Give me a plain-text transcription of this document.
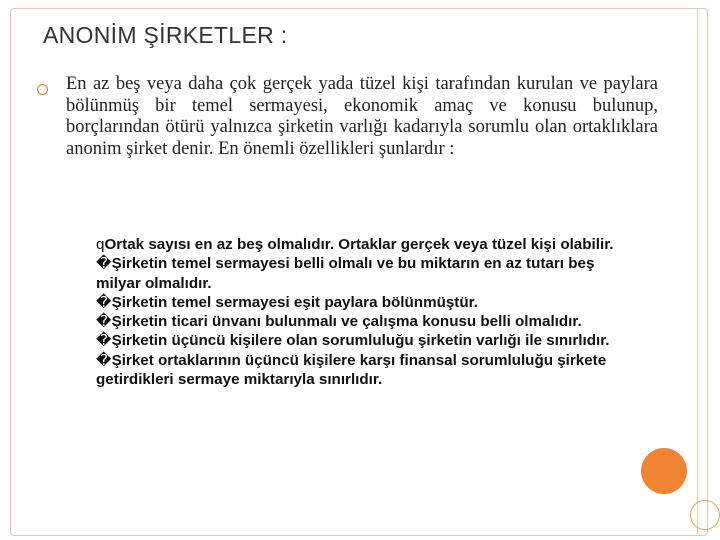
ANONİM ŞİRKETLER :

En az beş veya daha çok gerçek yada tüzel kişi tarafından kurulan ve paylara bölünmüş bir temel sermayesi, ekonomik amaç ve konusu bulunup, borçlarından ötürü yalnızca şirketin varlığı kadarıyla sorumlu olan ortaklıklara anonim şirket denir. En önemli özellikleri şunlardır :

qOrtak sayısı en az beş olmalıdır. Ortaklar gerçek veya tüzel kişi olabilir.
�Şirketin temel sermayesi belli olmalı ve bu miktarın en az tutarı beş milyar olmalıdır.
�Şirketin temel sermayesi eşit paylara bölünmüştür.
�Şirketin ticari ünvanı bulunmalı ve çalışma konusu belli olmalıdır.
�Şirketin üçüncü kişilere olan sorumluluğu şirketin varlığı ile sınırlıdır.
�Şirket ortaklarının üçüncü kişilere karşı finansal sorumluluğu şirkete getirdikleri sermaye miktarıyla sınırlıdır.
